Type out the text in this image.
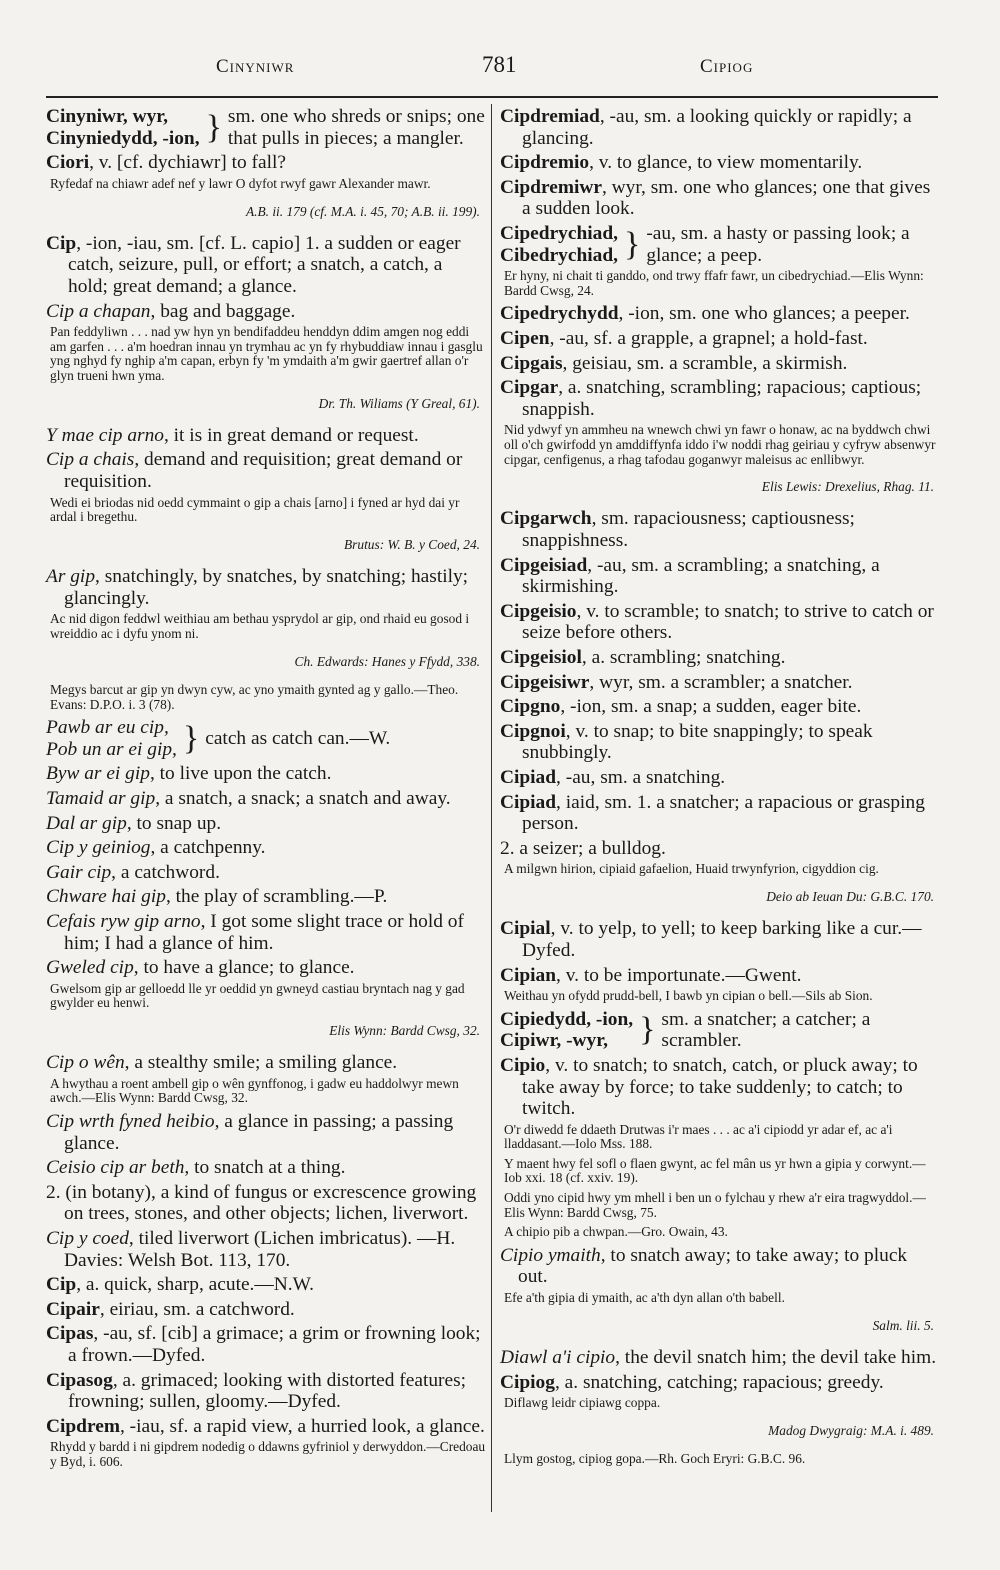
Cinyniwr	781	Cipiog
Cinyniwr, wyr,
Cinyniedydd, -ion, } sm. one who shreds or snips; one that pulls in pieces; a mangler.

Ciori, v. [cf. dychiawr] to fall?

Ryfedaf na chiawr adef nef y lawr O dyfot rwyf gawr Alexander mawr.

A.B. ii. 179 (cf. M.A. i. 45, 70; A.B. ii. 199).

Cip, -ion, -iau, sm. [cf. L. capio] 1. a sudden or eager catch, seizure, pull, or effort; a snatch, a catch, a hold; great demand; a glance.

Cip a chapan, bag and baggage.

Pan feddyliwn . . . nad yw hyn yn bendifaddeu henddyn ddim amgen nog eddi am garfen . . . a'm hoedran innau yn trymhau ac yn fy rhybuddiaw innau i gasglu yng nghyd fy nghip a'm capan, erbyn fy 'm ymdaith a'm gwir gaertref allan o'r glyn trueni hwn yma.

Dr. Th. Wiliams (Y Greal, 61).

Y mae cip arno, it is in great demand or request.

Cip a chais, demand and requisition; great demand or requisition.

Wedi ei briodas nid oedd cymmaint o gip a chais [arno] i fyned ar hyd dai yr ardal i bregethu.

Brutus: W. B. y Coed, 24.

Ar gip, snatchingly, by snatches, by snatching; hastily; glancingly.

Ac nid digon feddwl weithiau am bethau ysprydol ar gip, ond rhaid eu gosod i wreiddio ac i dyfu ynom ni.

Ch. Edwards: Hanes y Ffydd, 338.

Megys barcut ar gip yn dwyn cyw, ac yno ymaith gynted ag y gallo.—Theo. Evans: D.P.O. i. 3 (78).

Pawb ar eu cip,
Pob un ar ei gip, } catch as catch can.—W.

Byw ar ei gip, to live upon the catch.

Tamaid ar gip, a snatch, a snack; a snatch and away.

Dal ar gip, to snap up.

Cip y geiniog, a catchpenny.

Gair cip, a catchword.

Chware hai gip, the play of scrambling.—P.

Cefais ryw gip arno, I got some slight trace or hold of him; I had a glance of him.

Gweled cip, to have a glance; to glance.

Gwelsom gip ar gelloedd lle yr oeddid yn gwneyd castiau bryntach nag y gad gwylder eu henwi.

Elis Wynn: Bardd Cwsg, 32.

Cip o wên, a stealthy smile; a smiling glance.

A hwythau a roent ambell gip o wên gynffonog, i gadw eu haddolwyr mewn awch.—Elis Wynn: Bardd Cwsg, 32.

Cip wrth fyned heibio, a glance in passing; a passing glance.

Ceisio cip ar beth, to snatch at a thing.

2. (in botany), a kind of fungus or excrescence growing on trees, stones, and other objects; lichen, liverwort.

Cip y coed, tiled liverwort (Lichen imbricatus). —H. Davies: Welsh Bot. 113, 170.

Cip, a. quick, sharp, acute.—N.W.

Cipair, eiriau, sm. a catchword.

Cipas, -au, sf. [cib] a grimace; a grim or frowning look; a frown.—Dyfed.

Cipasog, a. grimaced; looking with distorted features; frowning; sullen, gloomy.—Dyfed.

Cipdrem, -iau, sf. a rapid view, a hurried look, a glance.

Rhydd y bardd i ni gipdrem nodedig o ddawns gyfriniol y derwyddon.—Credoau y Byd, i. 606.

Cipdremiad, -au, sm. a looking quickly or rapidly; a glancing.

Cipdremio, v. to glance, to view momentarily.

Cipdremiwr, wyr, sm. one who glances; one that gives a sudden look.

Cipedrychiad,
Cibedrychiad, } -au, sm. a hasty or passing look; a glance; a peep.

Er hyny, ni chait ti ganddo, ond trwy ffafr fawr, un cibedrychiad.—Elis Wynn: Bardd Cwsg, 24.

Cipedrychydd, -ion, sm. one who glances; a peeper.

Cipen, -au, sf. a grapple, a grapnel; a hold-fast.

Cipgais, geisiau, sm. a scramble, a skirmish.

Cipgar, a. snatching, scrambling; rapacious; captious; snappish.

Nid ydwyf yn ammheu na wnewch chwi yn fawr o honaw, ac na byddwch chwi oll o'ch gwirfodd yn amddiffynfa iddo i'w noddi rhag geiriau y cyfryw absenwyr cipgar, cenfigenus, a rhag tafodau goganwyr maleisus ac enllibwyr.

Elis Lewis: Drexelius, Rhag. 11.

Cipgarwch, sm. rapaciousness; captiousness; snappishness.

Cipgeisiad, -au, sm. a scrambling; a snatching, a skirmishing.

Cipgeisio, v. to scramble; to snatch; to strive to catch or seize before others.

Cipgeisiol, a. scrambling; snatching.

Cipgeisiwr, wyr, sm. a scrambler; a snatcher.

Cipgno, -ion, sm. a snap; a sudden, eager bite.

Cipgnoi, v. to snap; to bite snappingly; to speak snubbingly.

Cipiad, -au, sm. a snatching.

Cipiad, iaid, sm. 1. a snatcher; a rapacious or grasping person.

2. a seizer; a bulldog.

A milgwn hirion, cipiaid gafaelion, Huaid trwynfyrion, cigyddion cig.

Deio ab Ieuan Du: G.B.C. 170.

Cipial, v. to yelp, to yell; to keep barking like a cur.—Dyfed.

Cipian, v. to be importunate.—Gwent.

Weithau yn ofydd prudd-bell, I bawb yn cipian o bell.—Sils ab Sion.

Cipiedydd, -ion,
Cipiwr, -wyr, } sm. a snatcher; a catcher; a scrambler.

Cipio, v. to snatch; to snatch, catch, or pluck away; to take away by force; to take suddenly; to catch; to twitch.

O'r diwedd fe ddaeth Drutwas i'r maes . . . ac a'i cipiodd yr adar ef, ac a'i lladdasant.—Iolo Mss. 188.

Y maent hwy fel sofl o flaen gwynt, ac fel mân us yr hwn a gipia y corwynt.—Iob xxi. 18 (cf. xxiv. 19).

Oddi yno cipid hwy ym mhell i ben un o fylchau y rhew a'r eira tragwyddol.—Elis Wynn: Bardd Cwsg, 75.

A chipio pib a chwpan.—Gro. Owain, 43.

Cipio ymaith, to snatch away; to take away; to pluck out.

Efe a'th gipia di ymaith, ac a'th dyn allan o'th babell.

Salm. lii. 5.

Diawl a'i cipio, the devil snatch him; the devil take him.

Cipiog, a. snatching, catching; rapacious; greedy.

Diflawg leidr cipiawg coppa.

Madog Dwygraig: M.A. i. 489.

Llym gostog, cipiog gopa.—Rh. Goch Eryri: G.B.C. 96.
